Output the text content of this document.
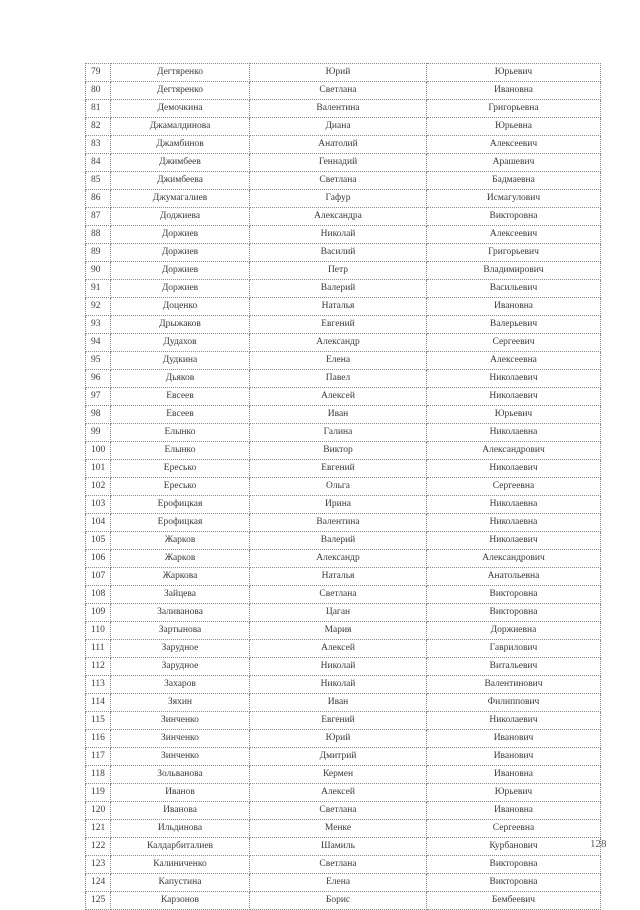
79	Дегтяренко	Юрий	Юрьевич
80	Дегтяренко	Светлана	Ивановна
81	Демочкина	Валентина	Григорьевна
82	Джамалдинова	Диана	Юрьевна
83	Джамбинов	Анатолий	Алексеевич
84	Джимбеев	Геннадий	Арашевич
85	Джимбеева	Светлана	Бадмаевна
86	Джумагалиев	Гафур	Исмагулович
87	Доджиева	Александра	Викторовна
88	Доржиев	Николай	Алексеевич
89	Доржиев	Василий	Григорьевич
90	Доржиев	Петр	Владимирович
91	Доржиев	Валерий	Васильевич
92	Доценко	Наталья	Ивановна
93	Дрыжаков	Евгений	Валерьевич
94	Дудахов	Александр	Сергеевич
95	Дудкина	Елена	Алексеевна
96	Дьяков	Павел	Николаевич
97	Евсеев	Алексей	Николаевич
98	Евсеев	Иван	Юрьевич
99	Елынко	Галина	Николаевна
100	Елынко	Виктор	Александрович
101	Ересько	Евгений	Николаевич
102	Ересько	Ольга	Сергеевна
103	Ерофицкая	Ирина	Николаевна
104	Ерофицкая	Валентина	Николаевна
105	Жарков	Валерий	Николаевич
106	Жарков	Александр	Александрович
107	Жаркова	Наталья	Анатольевна
108	Зайцева	Светлана	Викторовна
109	Заливанова	Цаган	Викторовна
110	Зартынова	Мария	Доржиевна
111	Зарудное	Алексей	Гаврилович
112	Зарудное	Николай	Витальевич
113	Захаров	Николай	Валентинович
114	Зяхин	Иван	Филиппович
115	Зинченко	Евгений	Николаевич
116	Зинченко	Юрий	Иванович
117	Зинченко	Дмитрий	Иванович
118	Зольванова	Кермен	Ивановна
119	Иванов	Алексей	Юрьевич
120	Иванова	Светлана	Ивановна
121	Ильдинова	Менке	Сергеевна
122	Калдарбиталиев	Шамиль	Курбанович
123	Калиниченко	Светлана	Викторовна
124	Капустина	Елена	Викторовна
125	Карзонов	Борис	Бембеевич
128
